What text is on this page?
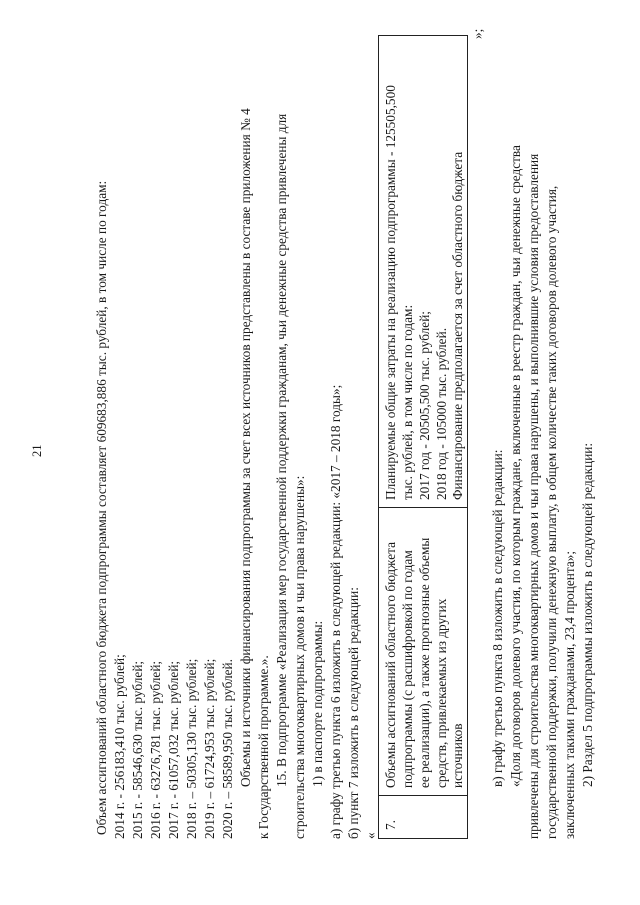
21	Объем ассигнований областного бюджета подпрограммы составляет 609683,886 тыс. рублей, в том числе по годам: 2014 г. - 256183,410 тыс. рублей; 2015 г. - 58546,630 тыс. рублей; 2016 г. - 63276,781 тыс. рублей; 2017 г. - 61057,032 тыс. рублей; 2018 г. – 50305,130 тыс. рублей; 2019 г. – 61724,953 тыс. рублей; 2020 г. – 58589,950 тыс. рублей. Объемы и источники финансирования подпрограммы за счет всех источников представлены в составе приложения № 4 к Государственной программе.». 15. В подпрограмме «Реализация мер государственной поддержки гражданам, чьи денежные средства привлечены для строительства многоквартирных домов и чьи права нарушены»: 1) в паспорте подпрограммы: а) графу третью пункта 6 изложить в следующей редакции: «2017 – 2018 годы»; б) пункт 7 изложить в следующей редакции: «
7.
Объемы ассигнований областного бюджета подпрограммы (с расшифровкой по годам ее реализации), а также прогнозные объемы средств, привлекаемых из других источников
Планируемые общие затраты на реализацию подпрограммы - 125505,500 тыс. рублей, в том числе по годам: 2017 год - 20505,500 тыс. рублей; 2018 год - 105000 тыс. рублей. Финансирование предполагается за счет областного бюджета
»;
в) графу третью пункта 8 изложить в следующей редакции: «Доля договоров долевого участия, по которым граждане, включенные в реестр граждан, чьи денежные средства привлечены для строительства многоквартирных домов и чьи права нарушены, и выполнившие условия предоставления государственной поддержки, получили денежную выплату, в общем количестве таких договоров долевого участия, заключенных такими гражданами, 23,4 процента»; 2) Раздел 5 подпрограммы изложить в следующей редакции:
